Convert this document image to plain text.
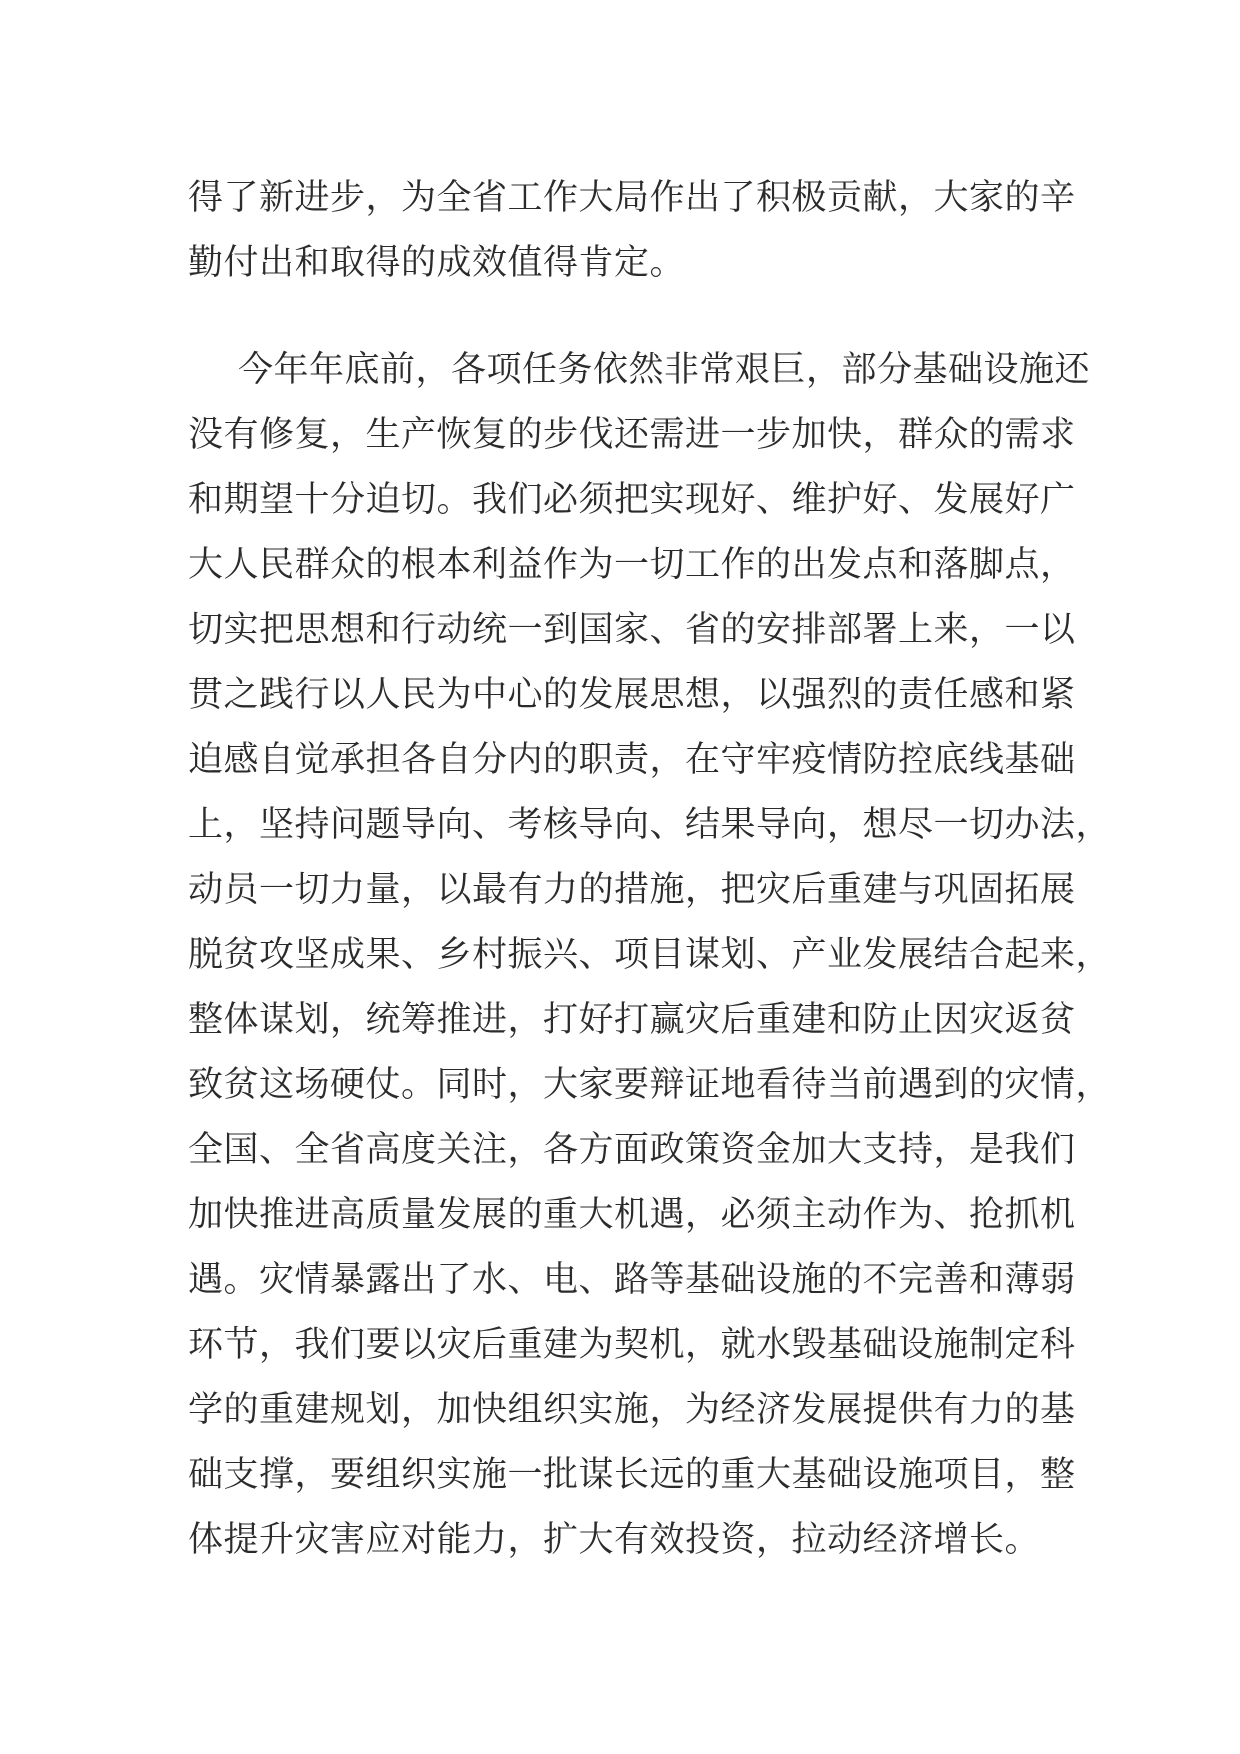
得了新进步，为全省工作大局作出了积极贡献，大家的辛
勤付出和取得的成效值得肯定。
今年年底前，各项任务依然非常艰巨，部分基础设施还
没有修复，生产恢复的步伐还需进一步加快，群众的需求
和期望十分迫切。我们必须把实现好、维护好、发展好广
大人民群众的根本利益作为一切工作的出发点和落脚点，
切实把思想和行动统一到国家、省的安排部署上来，一以
贯之践行以人民为中心的发展思想，以强烈的责任感和紧
迫感自觉承担各自分内的职责，在守牢疫情防控底线基础
上，坚持问题导向、考核导向、结果导向，想尽一切办法，
动员一切力量，以最有力的措施，把灾后重建与巩固拓展
脱贫攻坚成果、乡村振兴、项目谋划、产业发展结合起来，
整体谋划，统筹推进，打好打赢灾后重建和防止因灾返贫
致贫这场硬仗。同时，大家要辩证地看待当前遇到的灾情，
全国、全省高度关注，各方面政策资金加大支持，是我们
加快推进高质量发展的重大机遇，必须主动作为、抢抓机
遇。灾情暴露出了水、电、路等基础设施的不完善和薄弱
环节，我们要以灾后重建为契机，就水毁基础设施制定科
学的重建规划，加快组织实施，为经济发展提供有力的基
础支撑，要组织实施一批谋长远的重大基础设施项目，整
体提升灾害应对能力，扩大有效投资，拉动经济增长。
